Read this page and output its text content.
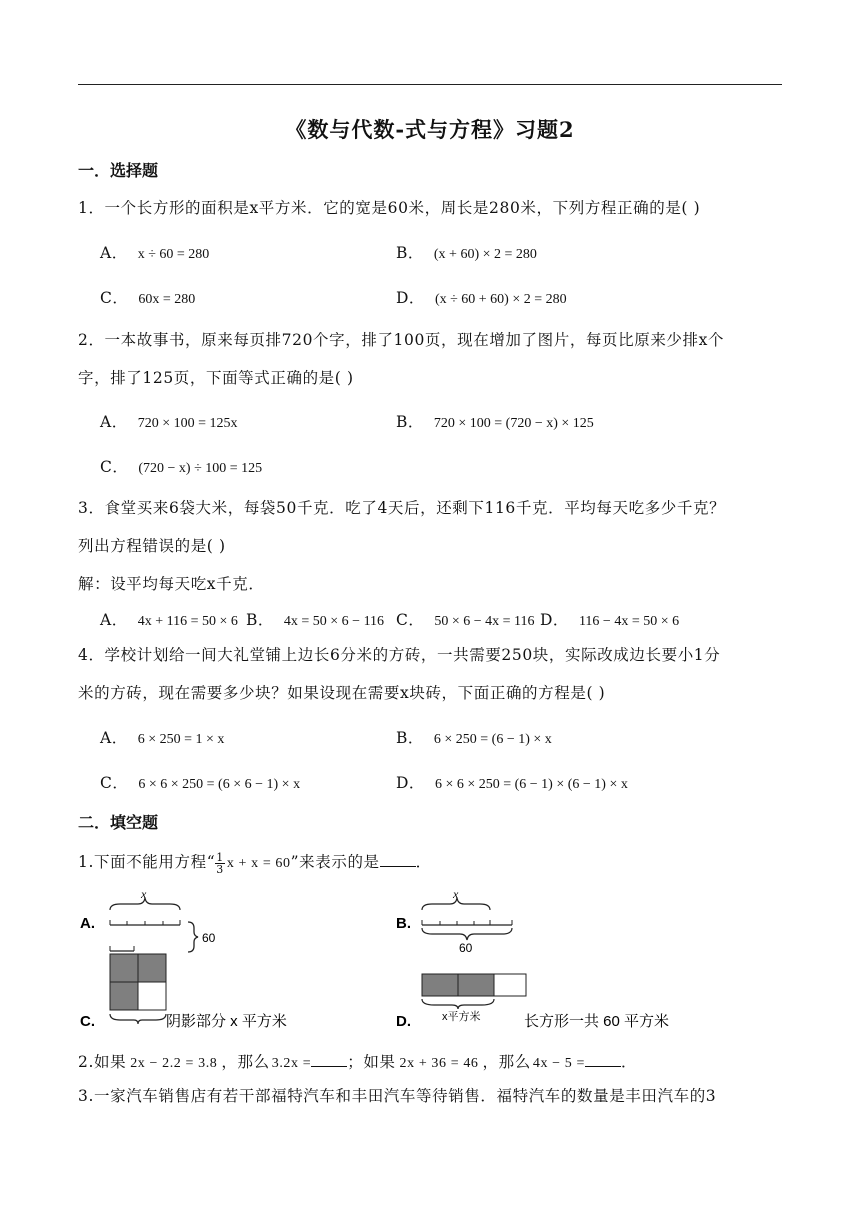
《数与代数-式与方程》习题2
一．选择题
1．一个长方形的面积是x平方米．它的宽是60米，周长是280米，下列方程正确的是( )
A． x ÷ 60 = 280	B． (x + 60) × 2 = 280
C． 60x = 280	D． (x ÷ 60 + 60) × 2 = 280
2．一本故事书，原来每页排720个字，排了100页，现在增加了图片，每页比原来少排x个
字，排了125页，下面等式正确的是( )
A． 720 × 100 = 125x	B． 720 × 100 = (720 − x) × 125
C． (720 − x) ÷ 100 = 125
3．食堂买来6袋大米，每袋50千克．吃了4天后，还剩下116千克．平均每天吃多少千克？
列出方程错误的是( )
解：设平均每天吃x千克．
A． 4x + 116 = 50 × 6 B． 4x = 50 × 6 − 116 C． 50 × 6 − 4x = 116 D． 116 − 4x = 50 × 6
4．学校计划给一间大礼堂铺上边长6分米的方砖，一共需要250块，实际改成边长要小1分
米的方砖，现在需要多少块？如果设现在需要x块砖，下面正确的方程是( )
A． 6 × 250 = 1 × x	B． 6 × 250 = (6 − 1) × x
C． 6 × 6 × 250 = (6 × 6 − 1) × x	D． 6 × 6 × 250 = (6 − 1) × (6 − 1) × x
二．填空题
1.下面不能用方程“ $\frac{1}{3}$ x + x = 60”来表示的是 ．
A.
x
60
B.
x
60
C.	阴影部分 x 平方米	D.	x平方米	长方形一共 60 平方米
2.如果 2x − 2.2 = 3.8 ，那么 3.2x = ；如果 2x + 36 = 46 ，那么 4x − 5 = ．
3.一家汽车销售店有若干部福特汽车和丰田汽车等待销售．福特汽车的数量是丰田汽车的3
